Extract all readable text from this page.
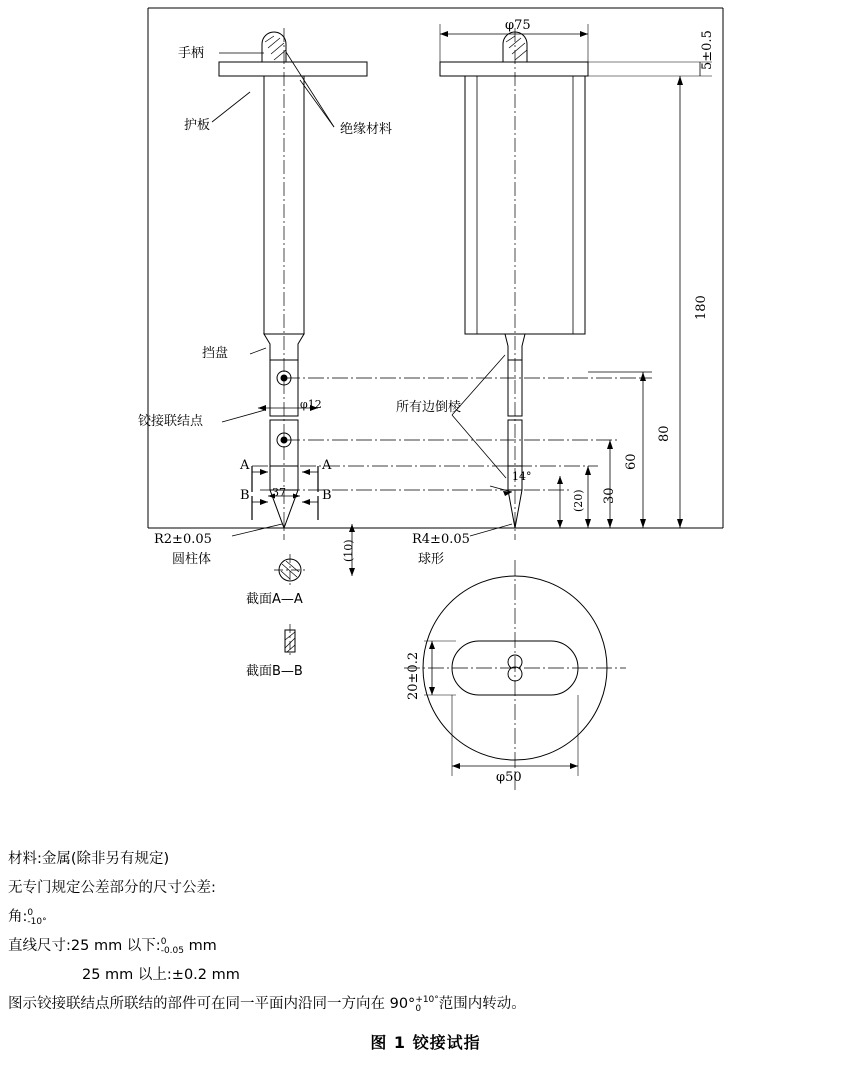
手柄
护板	绝缘材料
挡盘
铰接联结点
所有边倒棱
φ75
5±0.5
180
80
60
30
(20)
(10)
φ12
37
14°
R2±0.05	R4±0.05
φ50
20±0.2
A	A
B	B
圆柱体	球形
截面A—A
截面B—B
材料:金属(除非另有规定)
无专门规定公差部分的尺寸公差:
角: 0
-10°
直线尺寸:25 mm 以下: 0
-0.05 mm
25 mm 以上:±0.2 mm
图示铰接联结点所联结的部件可在同一平面内沿同一方向在 90° +10°
0	范围内转动。
图 1 铰接试指
